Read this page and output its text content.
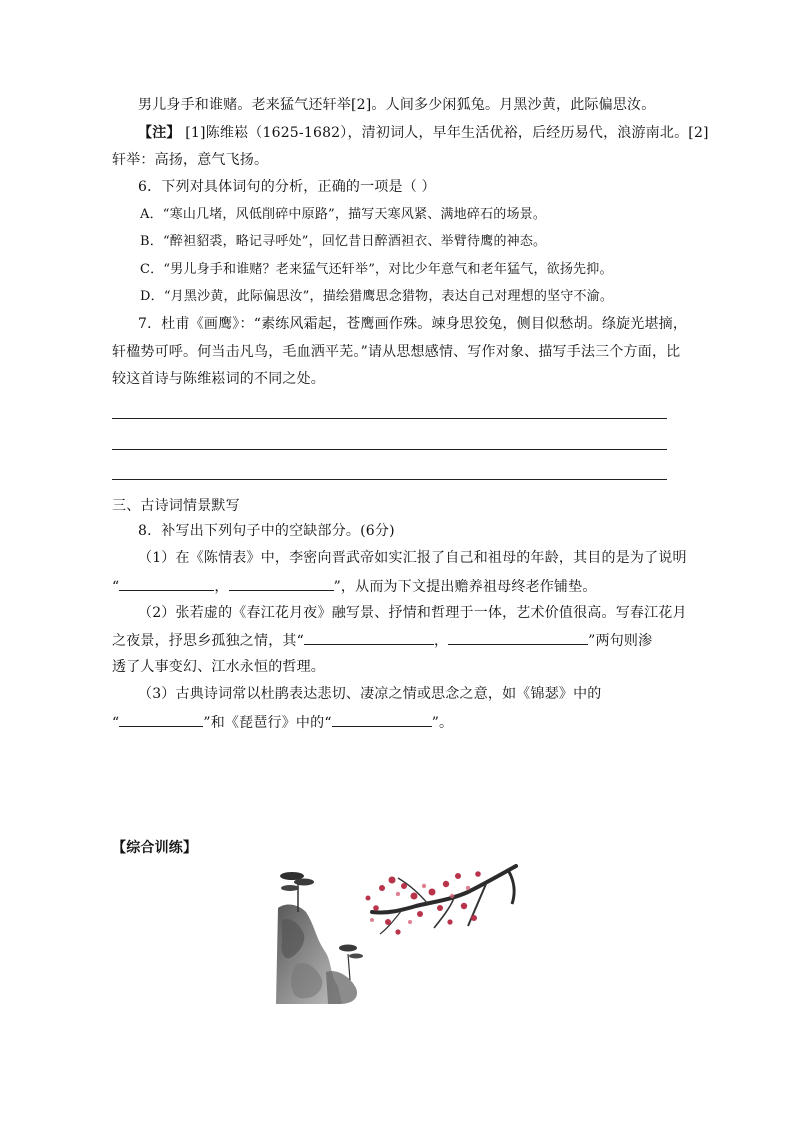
男儿身手和谁赌。老来猛气还轩举[2]。人间多少闲狐兔。月黑沙黄，此际偏思汝。
【注】 [1]陈维崧（1625-1682），清初词人，早年生活优裕，后经历易代，浪游南北。[2]
轩举：高扬，意气飞扬。
6．下列对具体词句的分析，正确的一项是（ ）
A．“寒山几堵，风低削碎中原路”，描写天寒风紧、满地碎石的场景。
B．“醉袒貂裘，略记寻呼处”，回忆昔日醉酒袒衣、举臂待鹰的神态。
C．“男儿身手和谁赌？老来猛气还轩举”，对比少年意气和老年猛气，欲扬先抑。
D．“月黑沙黄，此际偏思汝”，描绘猎鹰思念猎物，表达自己对理想的坚守不渝。
7．杜甫《画鹰》：“素练风霜起，苍鹰画作殊。竦身思狡兔，侧目似愁胡。绦旋光堪摘，
轩楹势可呼。何当击凡鸟，毛血洒平芜。”请从思想感情、写作对象、描写手法三个方面，比
较这首诗与陈维崧词的不同之处。
三、古诗词情景默写
8．补写出下列句子中的空缺部分。(6分)
（1）在《陈情表》中，李密向晋武帝如实汇报了自己和祖母的年龄，其目的是为了说明
“	，	”，从而为下文提出赡养祖母终老作铺垫。
（2）张若虚的《春江花月夜》融写景、抒情和哲理于一体，艺术价值很高。写春江花月
之夜景，抒思乡孤独之情，其“	，	”两句则渗
透了人事变幻、江水永恒的哲理。
（3）古典诗词常以杜鹃表达悲切、凄凉之情或思念之意，如《锦瑟》中的
“	”和《琵琶行》中的“	”。
【综合训练】
